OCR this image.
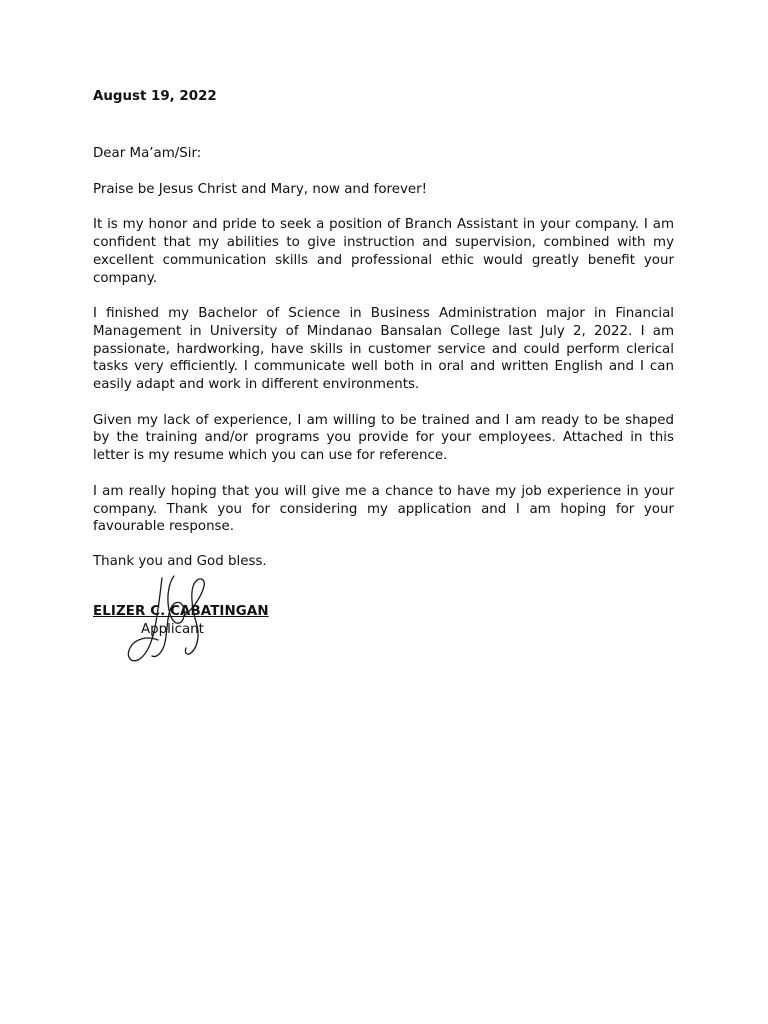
August 19, 2022

Dear Ma’am/Sir:

Praise be Jesus Christ and Mary, now and forever!

It is my honor and pride to seek a position of Branch Assistant in your company. I am confident that my abilities to give instruction and supervision, combined with my excellent communication skills and professional ethic would greatly benefit your company.

I finished my Bachelor of Science in Business Administration major in Financial Management in University of Mindanao Bansalan College last July 2, 2022. I am passionate, hardworking, have skills in customer service and could perform clerical tasks very efficiently. I communicate well both in oral and written English and I can easily adapt and work in different environments.

Given my lack of experience, I am willing to be trained and I am ready to be shaped by the training and/or programs you provide for your employees. Attached in this letter is my resume which you can use for reference.

I am really hoping that you will give me a chance to have my job experience in your company. Thank you for considering my application and I am hoping for your favourable response.

Thank you and God bless.

ELIZER C. CABATINGAN
Applicant
